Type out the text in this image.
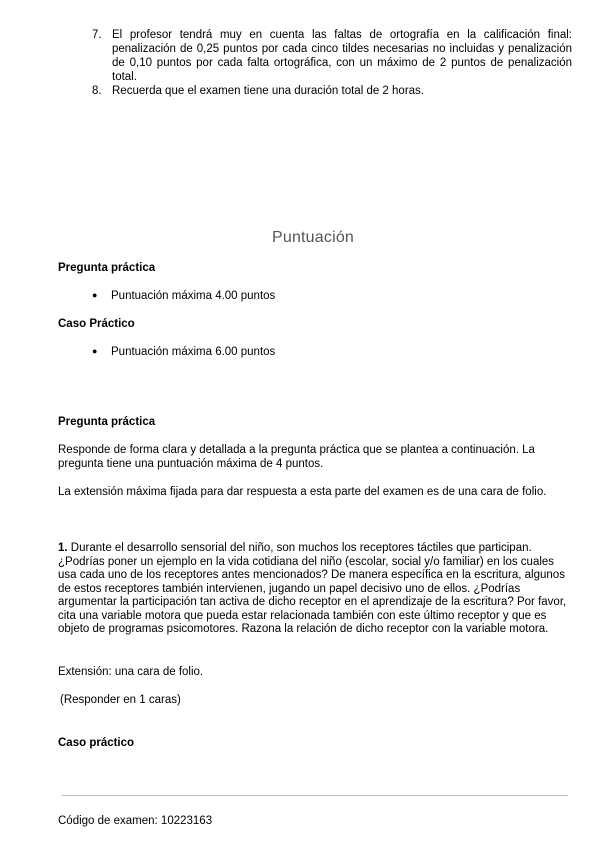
7. El profesor tendrá muy en cuenta las faltas de ortografía en la calificación final: penalización de 0,25 puntos por cada cinco tildes necesarias no incluidas y penalización de 0,10 puntos por cada falta ortográfica, con un máximo de 2 puntos de penalización total.
8. Recuerda que el examen tiene una duración total de 2 horas.
Puntuación
Pregunta práctica
● Puntuación máxima 4.00 puntos
Caso Práctico
● Puntuación máxima 6.00 puntos
Pregunta práctica
Responde de forma clara y detallada a la pregunta práctica que se plantea a continuación. La pregunta tiene una puntuación máxima de 4 puntos.
La extensión máxima fijada para dar respuesta a esta parte del examen es de una cara de folio.
1. Durante el desarrollo sensorial del niño, son muchos los receptores táctiles que participan. ¿Podrías poner un ejemplo en la vida cotidiana del niño (escolar, social y/o familiar) en los cuales usa cada uno de los receptores antes mencionados? De manera específica en la escritura, algunos de estos receptores también intervienen, jugando un papel decisivo uno de ellos. ¿Podrías argumentar la participación tan activa de dicho receptor en el aprendizaje de la escritura? Por favor, cita una variable motora que pueda estar relacionada también con este último receptor y que es objeto de programas psicomotores. Razona la relación de dicho receptor con la variable motora.
Extensión: una cara de folio.
(Responder en 1 caras)
Caso práctico
Código de examen: 10223163
